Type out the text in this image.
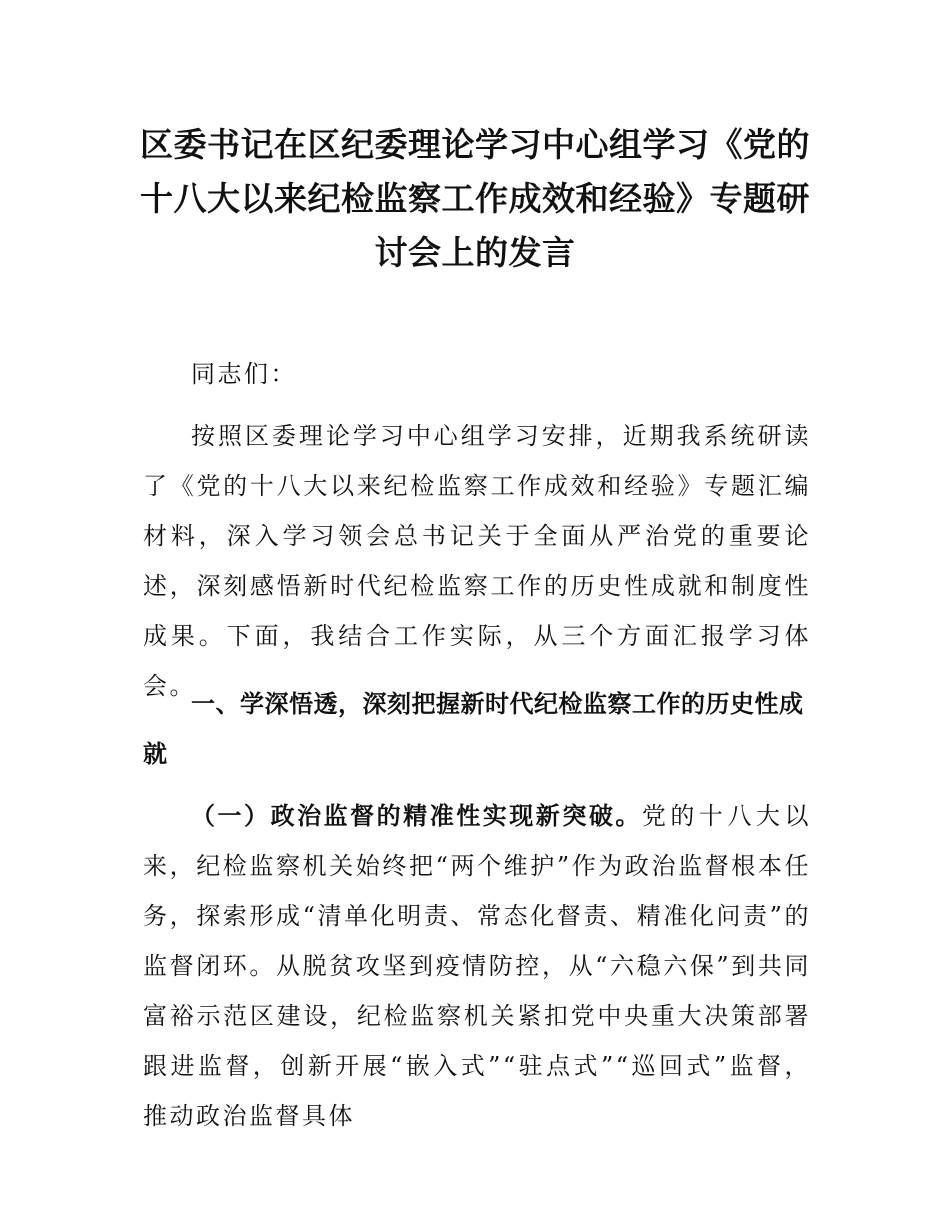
区委书记在区纪委理论学习中心组学习《党的十八大以来纪检监察工作成效和经验》专题研讨会上的发言

同志们：

按照区委理论学习中心组学习安排，近期我系统研读了《党的十八大以来纪检监察工作成效和经验》专题汇编材料，深入学习领会总书记关于全面从严治党的重要论述，深刻感悟新时代纪检监察工作的历史性成就和制度性成果。下面，我结合工作实际，从三个方面汇报学习体会。

一、学深悟透，深刻把握新时代纪检监察工作的历史性成就

（一）政治监督的精准性实现新突破。党的十八大以来，纪检监察机关始终把“两个维护”作为政治监督根本任务，探索形成“清单化明责、常态化督责、精准化问责”的监督闭环。从脱贫攻坚到疫情防控，从“六稳六保”到共同富裕示范区建设，纪检监察机关紧扣党中央重大决策部署跟进监督，创新开展“嵌入式”“驻点式”“巡回式”监督，推动政治监督具体
